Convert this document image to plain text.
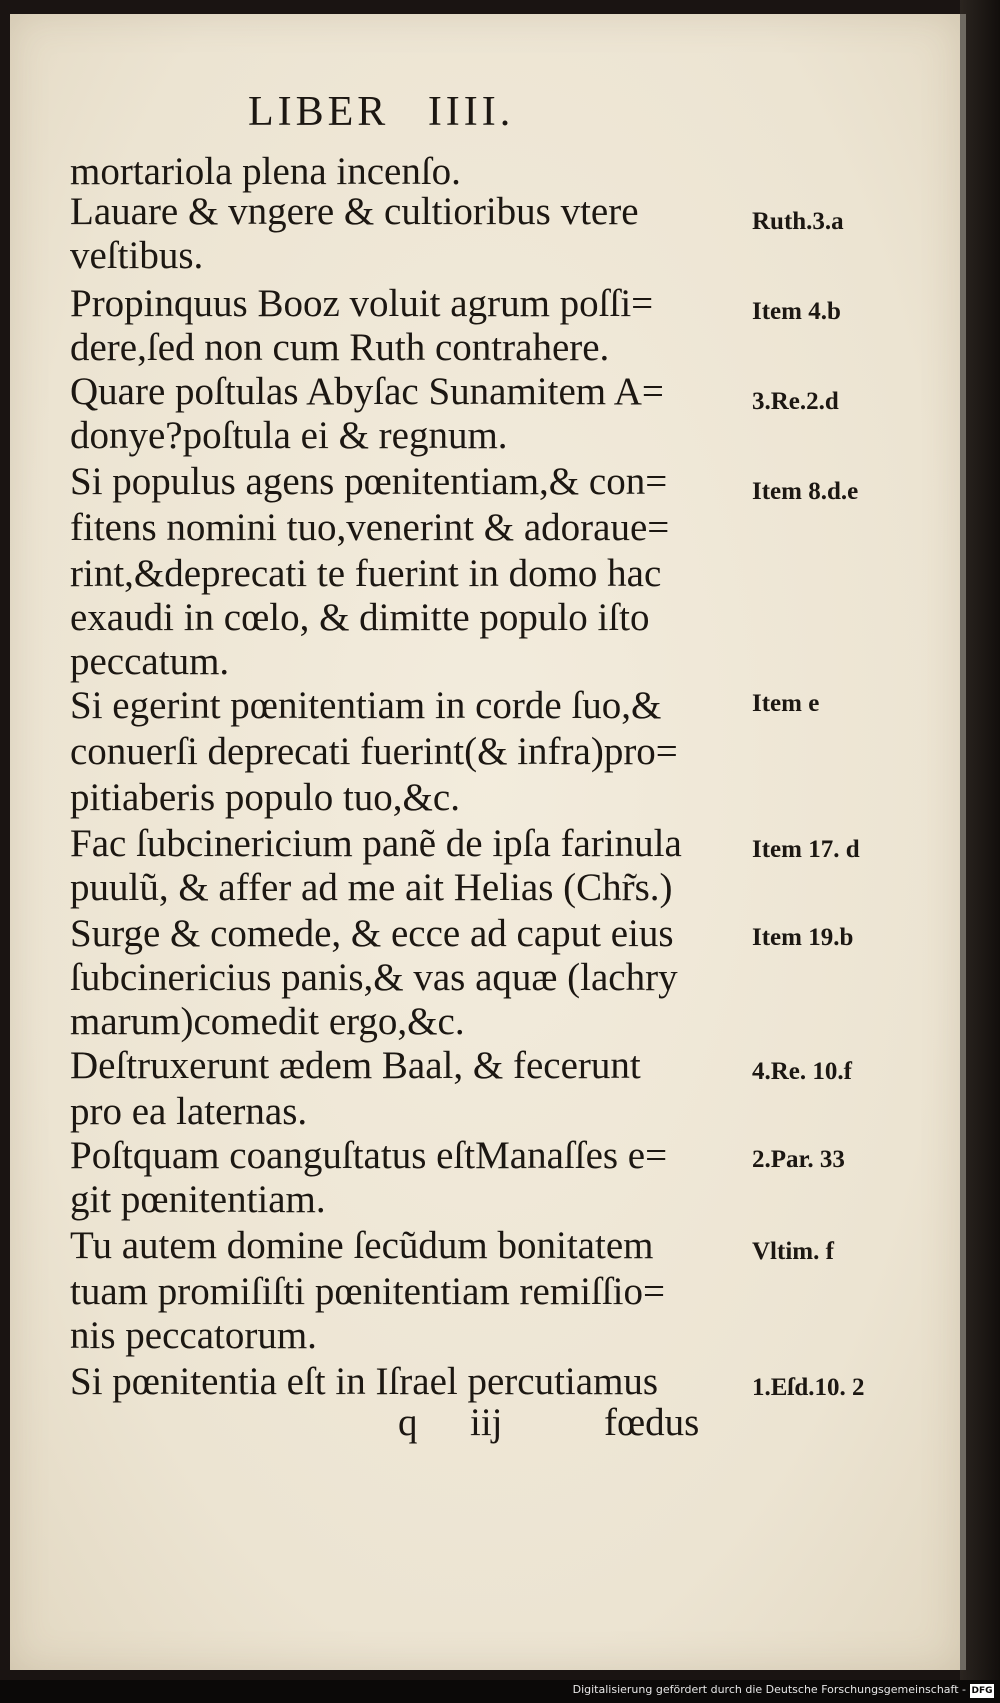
LIBER IIII.
mortariola plena incenſo.
Lauare & vngere & cultioribus vtere
veſtibus.
Propinquus Booz voluit agrum poſſi=
dere,ſed non cum Ruth contrahere.
Quare poſtulas Abyſac Sunamitem A=
donye?poſtula ei & regnum.
Si populus agens pœnitentiam,& con=
fitens nomini tuo,venerint & adoraue=
rint,&deprecati te fuerint in domo hac
exaudi in cœlo, & dimitte populo iſto
peccatum.
Si egerint pœnitentiam in corde ſuo,&
conuerſi deprecati fuerint(& infra)pro=
pitiaberis populo tuo,&c.
Fac ſubcinericium panẽ de ipſa farinula
puulũ, & affer ad me ait Helias (Chr̃s.)
Surge & comede, & ecce ad caput eius
ſubcinericius panis,& vas aquæ (lachry
marum)comedit ergo,&c.
Deſtruxerunt ædem Baal, & fecerunt
pro ea laternas.
Poſtquam coanguſtatus eſtManaſſes e=
git pœnitentiam.
Tu autem domine ſecũdum bonitatem
tuam promiſiſti pœnitentiam remiſſio=
nis peccatorum.
Si pœnitentia eſt in Iſrael percutiamus
Ruth.3.a
Item 4.b
3.Re.2.d
Item 8.d.e
Item e
Item 17. d
Item 19.b
4.Re. 10.f
2.Par. 33
Vltim. f
1.Eſd.10. 2
q iij	fœdus
Digitalisierung gefördert durch die Deutsche Forschungsgemeinschaft - DFG
